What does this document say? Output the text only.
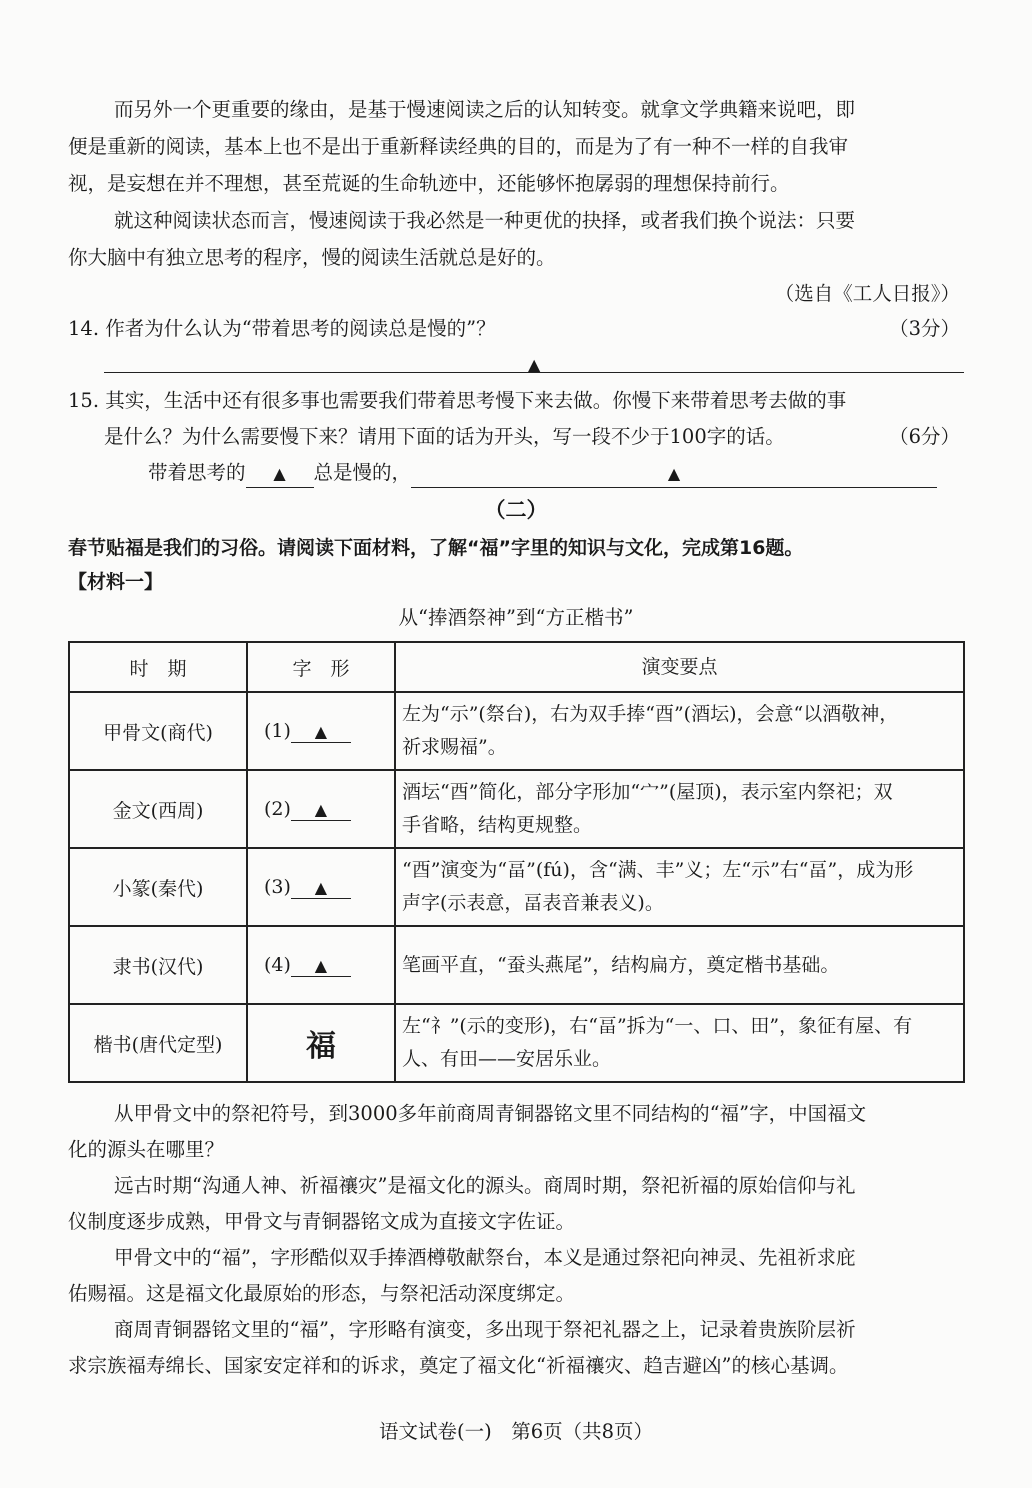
而另外一个更重要的缘由，是基于慢速阅读之后的认知转变。就拿文学典籍来说吧，即
便是重新的阅读，基本上也不是出于重新释读经典的目的，而是为了有一种不一样的自我审
视，是妄想在并不理想，甚至荒诞的生命轨迹中，还能够怀抱孱弱的理想保持前行。
就这种阅读状态而言，慢速阅读于我必然是一种更优的抉择，或者我们换个说法：只要
你大脑中有独立思考的程序，慢的阅读生活就总是好的。
（选自《工人日报》）
14. 作者为什么认为“带着思考的阅读总是慢的”？	（3分）
▲
15. 其实，生活中还有很多事也需要我们带着思考慢下来去做。你慢下来带着思考去做的事
是什么？为什么需要慢下来？请用下面的话为开头，写一段不少于100字的话。	（6分）
带着思考的 ▲ 总是慢的，	▲
（二）
春节贴福是我们的习俗。请阅读下面材料，了解“福”字里的知识与文化，完成第16题。
【材料一】
从“捧酒祭神”到“方正楷书”
时　期	字　形	演变要点
甲骨文(商代)	(1) ▲	左为“示”(祭台)，右为双手捧“酉”(酒坛)，会意“以酒敬神，
祈求赐福”。

金文(西周)	(2) ▲	酒坛“酉”简化，部分字形加“宀”(屋顶)，表示室内祭祀；双
手省略，结构更规整。

小篆(秦代)	(3) ▲	“酉”演变为“畐”(fú)，含“满、丰”义；左“示”右“畐”，成为形
声字(示表意，畐表音兼表义)。

隶书(汉代)	(4) ▲	笔画平直，“蚕头燕尾”，结构扁方，奠定楷书基础。

楷书(唐代定型)	福	左“礻”(示的变形)，右“畐”拆为“一、口、田”，象征有屋、有
人、有田——安居乐业。
从甲骨文中的祭祀符号，到3000多年前商周青铜器铭文里不同结构的“福”字，中国福文
化的源头在哪里？
远古时期“沟通人神、祈福禳灾”是福文化的源头。商周时期，祭祀祈福的原始信仰与礼
仪制度逐步成熟，甲骨文与青铜器铭文成为直接文字佐证。
甲骨文中的“福”，字形酷似双手捧酒樽敬献祭台，本义是通过祭祀向神灵、先祖祈求庇
佑赐福。这是福文化最原始的形态，与祭祀活动深度绑定。
商周青铜器铭文里的“福”，字形略有演变，多出现于祭祀礼器之上，记录着贵族阶层祈
求宗族福寿绵长、国家安定祥和的诉求，奠定了福文化“祈福禳灾、趋吉避凶”的核心基调。
语文试卷(一)　第6页（共8页）
